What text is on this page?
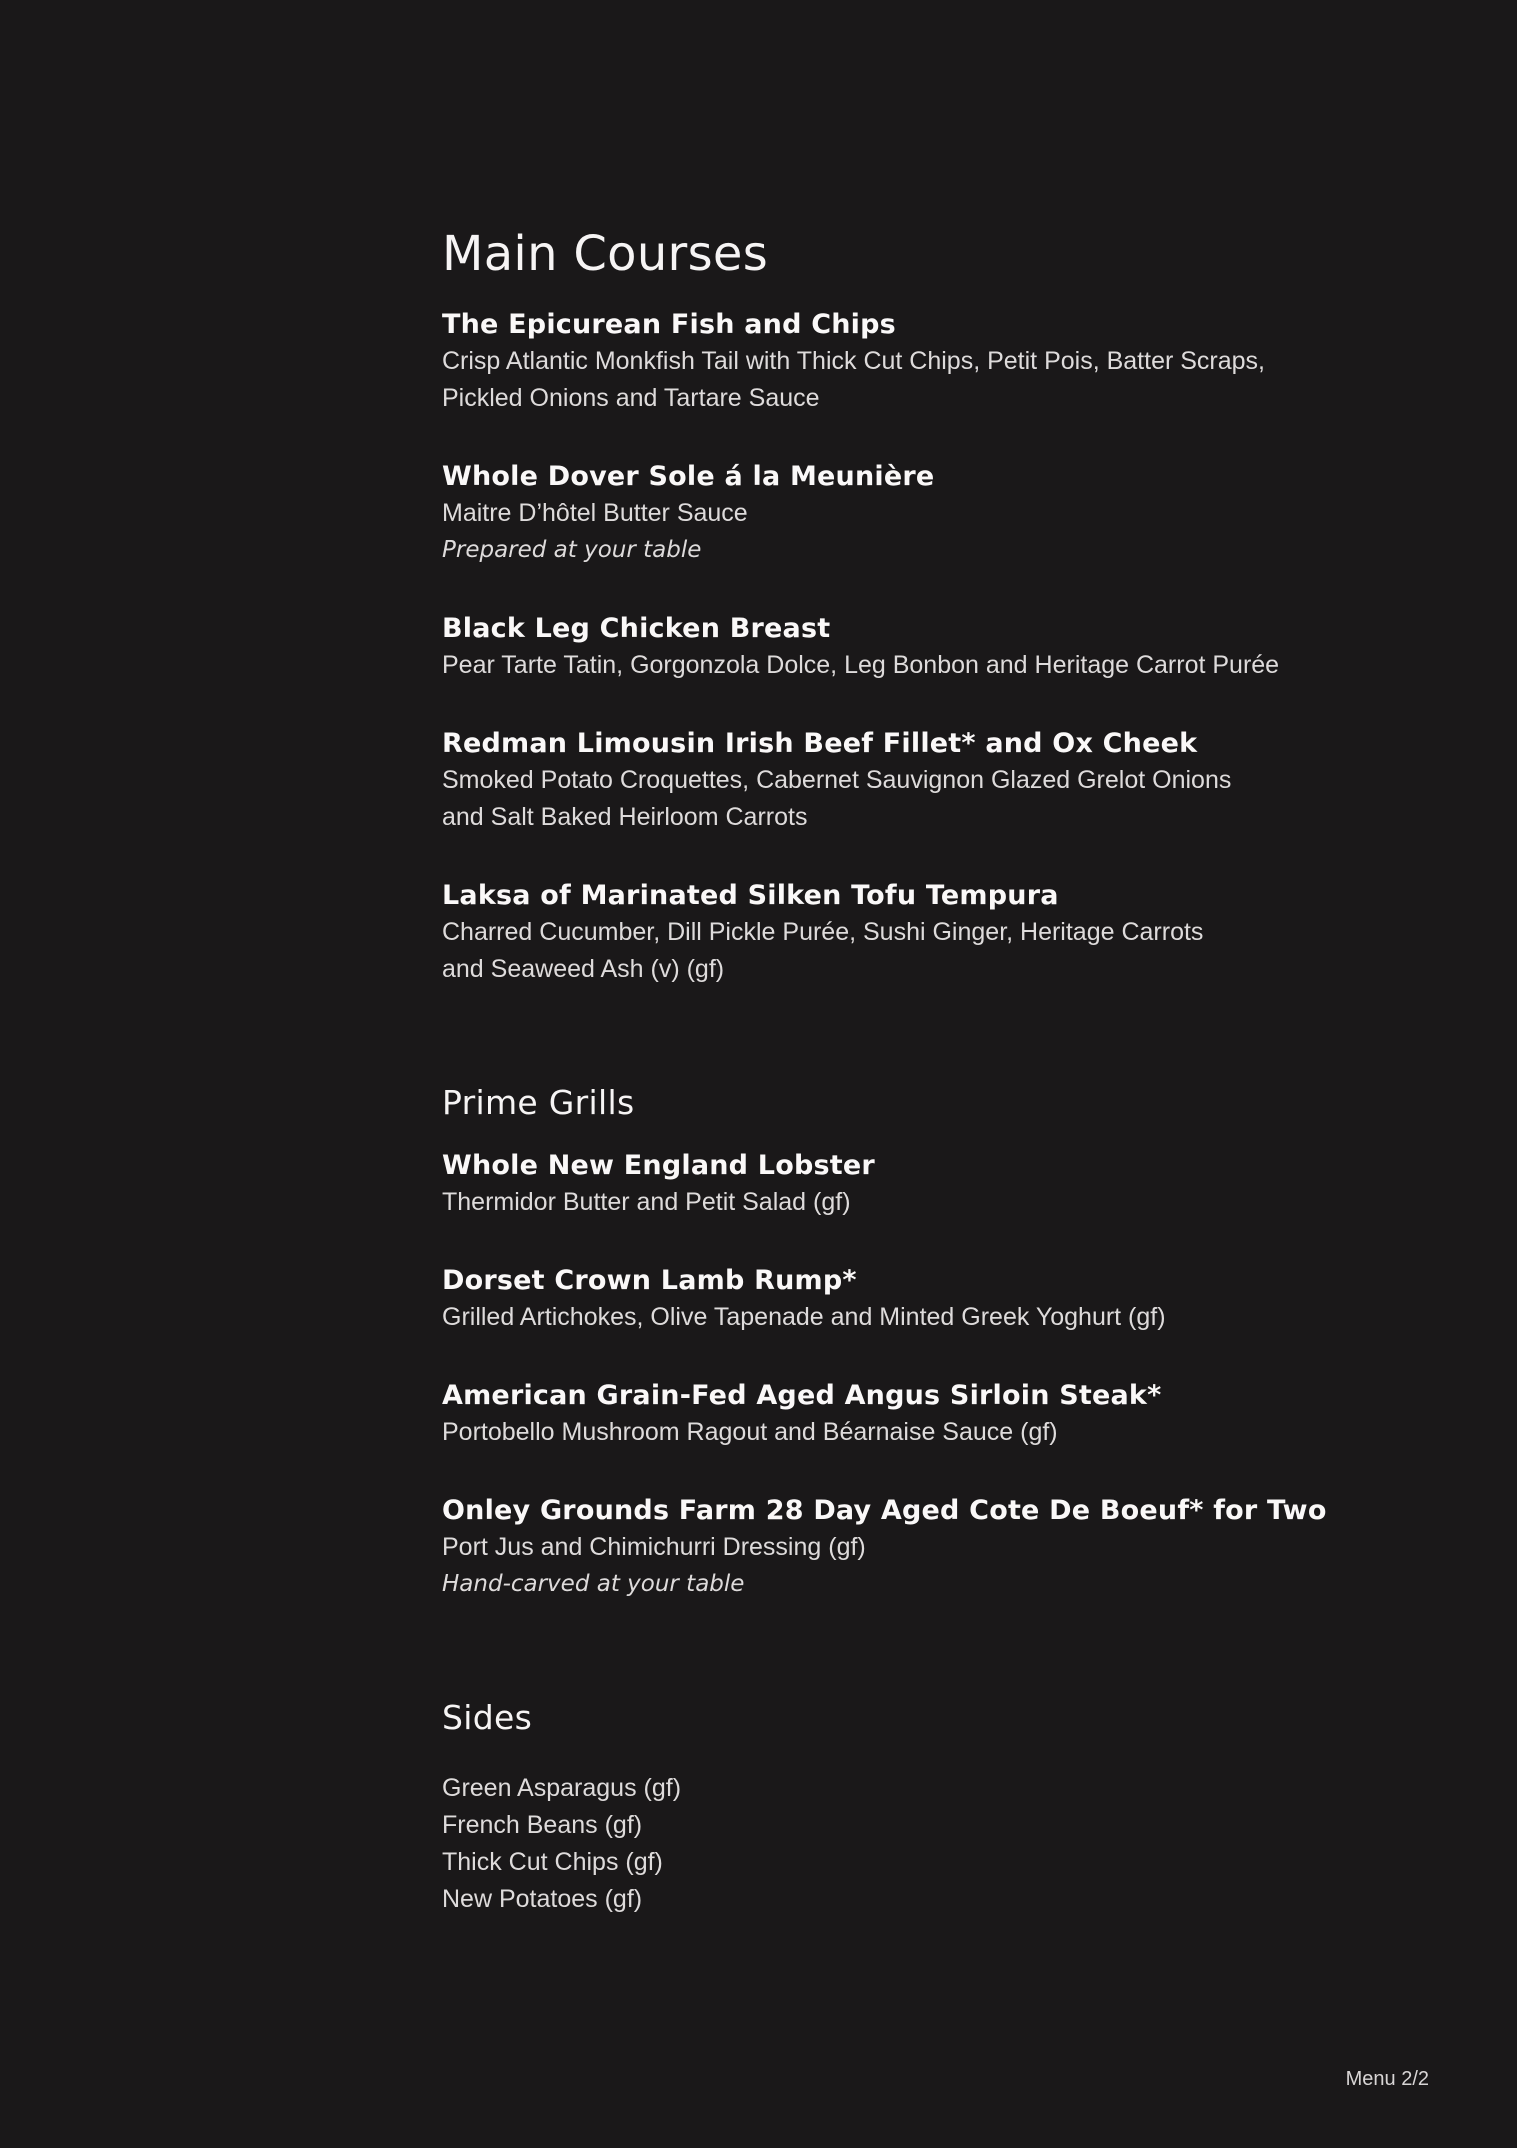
Main Courses
The Epicurean Fish and Chips
Crisp Atlantic Monkfish Tail with Thick Cut Chips, Petit Pois, Batter Scraps,
Pickled Onions and Tartare Sauce
Whole Dover Sole á la Meunière
Maitre D’hôtel Butter Sauce
Prepared at your table
Black Leg Chicken Breast
Pear Tarte Tatin, Gorgonzola Dolce, Leg Bonbon and Heritage Carrot Purée
Redman Limousin Irish Beef Fillet* and Ox Cheek
Smoked Potato Croquettes, Cabernet Sauvignon Glazed Grelot Onions
and Salt Baked Heirloom Carrots
Laksa of Marinated Silken Tofu Tempura
Charred Cucumber, Dill Pickle Purée, Sushi Ginger, Heritage Carrots
and Seaweed Ash (v) (gf)
Prime Grills
Whole New England Lobster
Thermidor Butter and Petit Salad (gf)
Dorset Crown Lamb Rump*
Grilled Artichokes, Olive Tapenade and Minted Greek Yoghurt (gf)
American Grain-Fed Aged Angus Sirloin Steak*
Portobello Mushroom Ragout and Béarnaise Sauce (gf)
Onley Grounds Farm 28 Day Aged Cote De Boeuf* for Two
Port Jus and Chimichurri Dressing (gf)
Hand-carved at your table
Sides
Green Asparagus (gf)
French Beans (gf)
Thick Cut Chips (gf)
New Potatoes (gf)
Menu 2/2
